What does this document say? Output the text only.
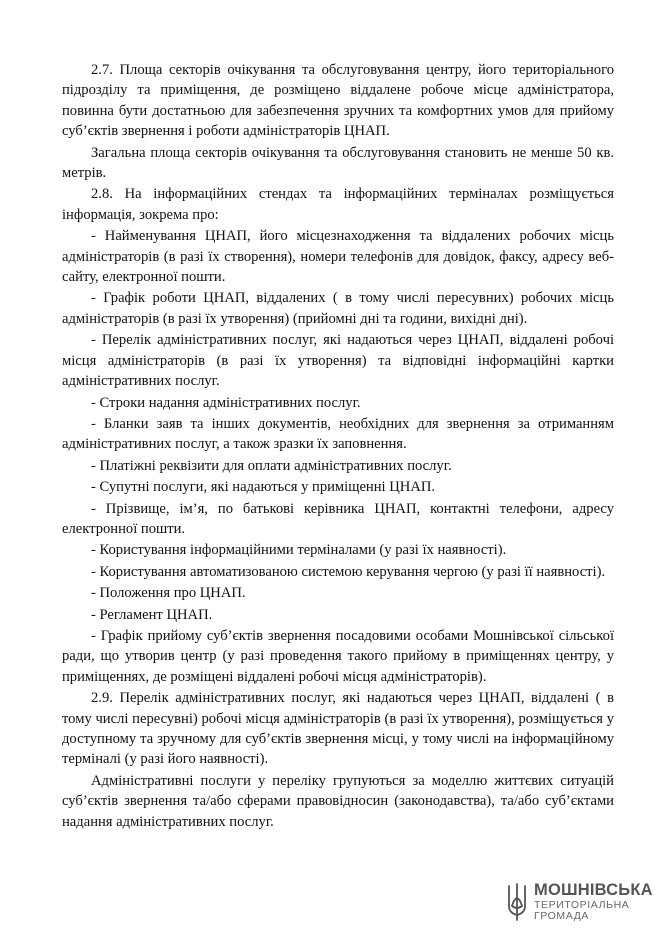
2.7. Площа секторів очікування та обслуговування центру, його територіального підрозділу та приміщення, де розміщено віддалене робоче місце адміністратора, повинна бути достатньою для забезпечення зручних та комфортних умов для прийому суб’єктів звернення і роботи адміністраторів ЦНАП.

Загальна площа секторів очікування та обслуговування становить не менше 50 кв. метрів.

2.8. На інформаційних стендах та інформаційних терміналах розміщується інформація, зокрема про:

- Найменування ЦНАП, його місцезнаходження та віддалених робочих місць адміністраторів (в разі їх створення), номери телефонів для довідок, факсу, адресу веб-сайту, електронної пошти.

- Графік роботи ЦНАП, віддалених ( в тому числі пересувних) робочих місць адміністраторів (в разі їх утворення) (прийомні дні та години, вихідні дні).

- Перелік адміністративних послуг, які надаються через ЦНАП, віддалені робочі місця адміністраторів (в разі їх утворення) та відповідні інформаційні картки адміністративних послуг.

- Строки надання адміністративних послуг.

- Бланки заяв та інших документів, необхідних для звернення за отриманням адміністративних послуг, а також зразки їх заповнення.

- Платіжні реквізити для оплати адміністративних послуг.

- Супутні послуги, які надаються у приміщенні ЦНАП.

- Прізвище, ім’я, по батькові керівника ЦНАП, контактні телефони, адресу електронної пошти.

- Користування інформаційними терміналами (у разі їх наявності).

- Користування автоматизованою системою керування чергою (у разі її наявності).

- Положення про ЦНАП.

- Регламент ЦНАП.

- Графік прийому суб’єктів звернення посадовими особами Мошнівської сільської ради, що утворив центр (у разі проведення такого прийому в приміщеннях центру, у приміщеннях, де розміщені віддалені робочі місця адміністраторів).

2.9. Перелік адміністративних послуг, які надаються через ЦНАП, віддалені ( в тому числі пересувні) робочі місця адміністраторів (в разі їх утворення), розміщується у доступному та зручному для суб’єктів звернення місці, у тому числі на інформаційному терміналі (у разі його наявності).

Адміністративні послуги у переліку групуються за моделлю життєвих ситуацій суб’єктів звернення та/або сферами правовідносин (законодавства), та/або суб’єктами надання адміністративних послуг.

МОШНІВСЬКА
ТЕРИТОРІАЛЬНА
ГРОМАДА
